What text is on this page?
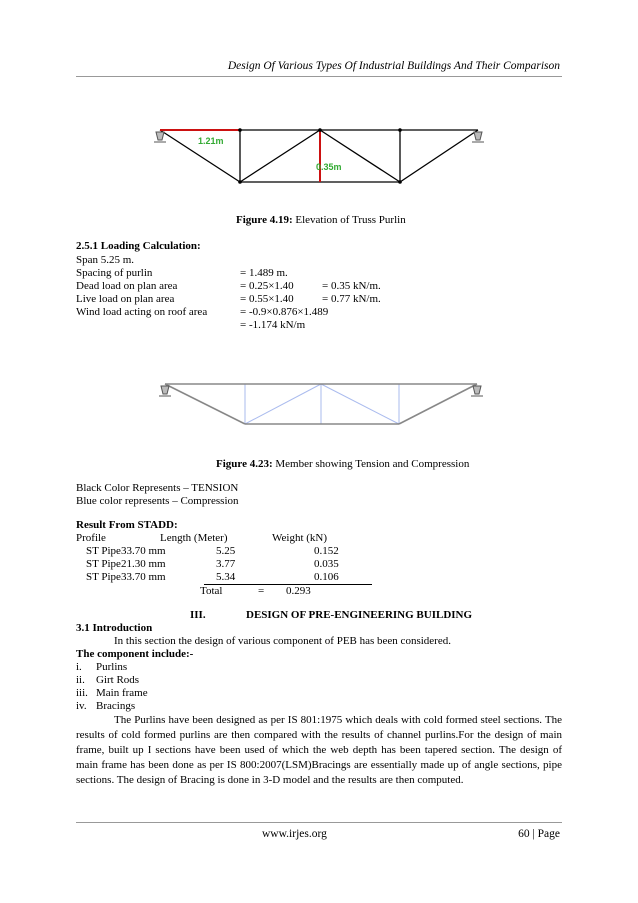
Design Of Various Types Of Industrial Buildings And Their Comparison
1.21m
0.35m
Figure 4.19: Elevation of Truss Purlin
2.5.1 Loading Calculation:
Span 5.25 m.
Spacing of purlin	= 1.489 m.
Dead load on plan area	= 0.25×1.40	= 0.35 kN/m.
Live load on plan area	= 0.55×1.40	= 0.77 kN/m.
Wind load acting on roof area	= -0.9×0.876×1.489
= -1.174 kN/m
Figure 4.23: Member showing Tension and Compression
Black Color Represents – TENSION
Blue color represents – Compression
Result From STADD:
Profile	Length (Meter)	Weight (kN)
ST Pipe33.70 mm	5.25	0.152
ST Pipe21.30 mm	3.77	0.035
ST Pipe33.70 mm	5.34	0.106
Total	= 0.293
III.	DESIGN OF PRE-ENGINEERING BUILDING
3.1 Introduction
In this section the design of various component of PEB has been considered.
The component include:-
i. Purlins
ii. Girt Rods
iii. Main frame
iv. Bracings
The Purlins have been designed as per IS 801:1975 which deals with cold formed steel sections. The results of cold formed purlins are then compared with the results of channel purlins.For the design of main frame, built up I sections have been used of which the web depth has been tapered section. The design of main frame has been done as per IS 800:2007(LSM)Bracings are essentially made up of angle sections, pipe sections. The design of Bracing is done in 3-D model and the results are then computed.
www.irjes.org	60 | Page
